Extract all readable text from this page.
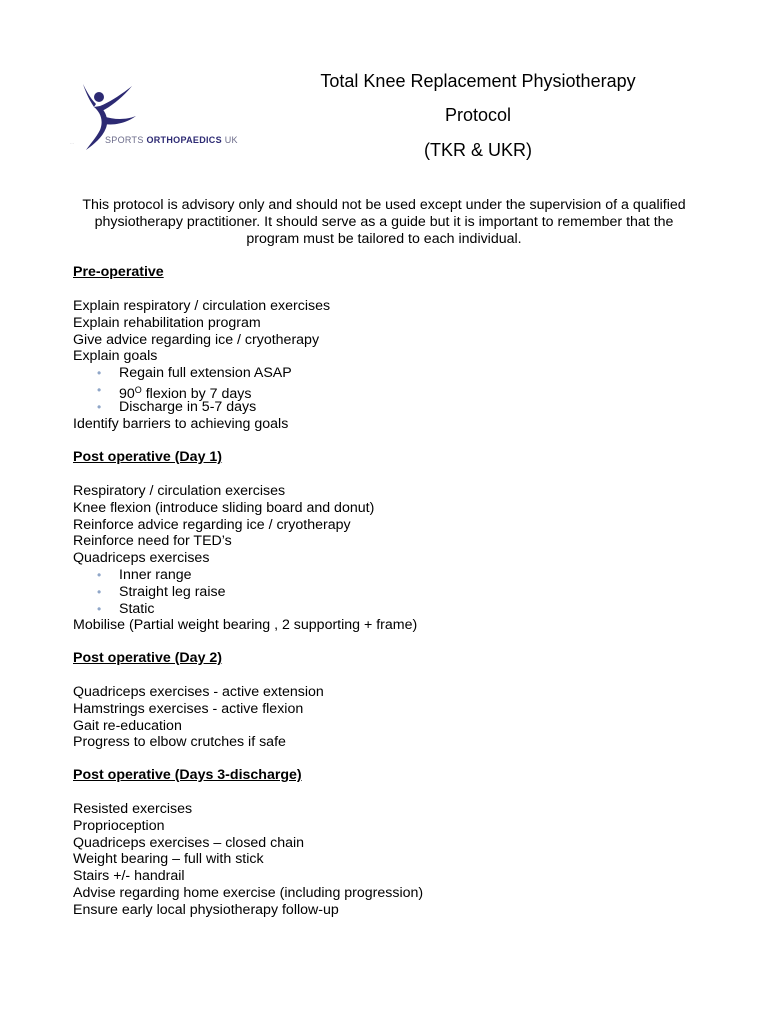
…	SPORTS ORTHOPAEDICS UK
Total Knee Replacement Physiotherapy
Protocol
(TKR & UKR)
This protocol is advisory only and should not be used except under the supervision of a qualified physiotherapy practitioner. It should serve as a guide but it is important to remember that the program must be tailored to each individual.
Pre-operative
Explain respiratory / circulation exercises
Explain rehabilitation program
Give advice regarding ice / cryotherapy
Explain goals
• Regain full extension ASAP
• $90^O$ flexion by 7 days
• Discharge in 5-7 days
Identify barriers to achieving goals
Post operative (Day 1)
Respiratory / circulation exercises
Knee flexion (introduce sliding board and donut)
Reinforce advice regarding ice / cryotherapy
Reinforce need for TED’s
Quadriceps exercises
• Inner range
• Straight leg raise
• Static
Mobilise (Partial weight bearing , 2 supporting + frame)
Post operative (Day 2)
Quadriceps exercises - active extension
Hamstrings exercises - active flexion
Gait re-education
Progress to elbow crutches if safe
Post operative (Days 3-discharge)
Resisted exercises
Proprioception
Quadriceps exercises – closed chain
Weight bearing – full with stick
Stairs +/- handrail
Advise regarding home exercise (including progression)
Ensure early local physiotherapy follow-up
